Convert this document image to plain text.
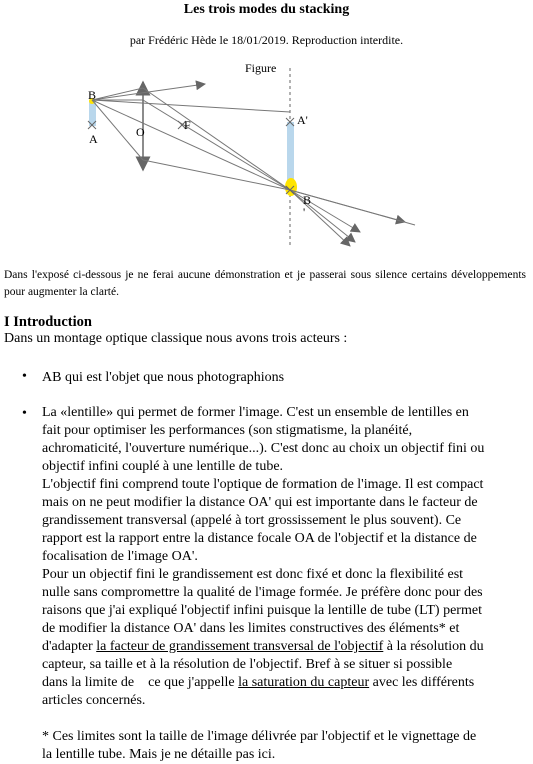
Les trois modes du stacking
par Frédéric Hède le 18/01/2019. Reproduction interdite.
Figure
B
A	O	F	A'
B
'
Dans l'exposé ci-dessous je ne ferai aucune démonstration et je passerai sous silence certains développements pour augmenter la clarté.
I Introduction
Dans un montage optique classique nous avons trois acteurs :
• AB qui est l'objet que nous photographions
• La «lentille» qui permet de former l'image. C'est un ensemble de lentilles en
fait pour optimiser les performances (son stigmatisme, la planéité,
achromaticité, l'ouverture numérique...). C'est donc au choix un objectif fini ou
objectif infini couplé à une lentille de tube.
L'objectif fini comprend toute l'optique de formation de l'image. Il est compact
mais on ne peut modifier la distance OA' qui est importante dans le facteur de
grandissement transversal (appelé à tort grossissement le plus souvent). Ce
rapport est la rapport entre la distance focale OA de l'objectif et la distance de
focalisation de l'image OA'.
Pour un objectif fini le grandissement est donc fixé et donc la flexibilité est
nulle sans compromettre la qualité de l'image formée. Je préfère donc pour des
raisons que j'ai expliqué l'objectif infini puisque la lentille de tube (LT) permet
de modifier la distance OA' dans les limites constructives des éléments* et
d'adapter la facteur de grandissement transversal de l'objectif à la résolution du
capteur, sa taille et à la résolution de l'objectif. Bref à se situer si possible
dans la limite de    ce que j'appelle la saturation du capteur avec les différents
articles concernés.
* Ces limites sont la taille de l'image délivrée par l'objectif et le vignettage de
la lentille tube. Mais je ne détaille pas ici.
